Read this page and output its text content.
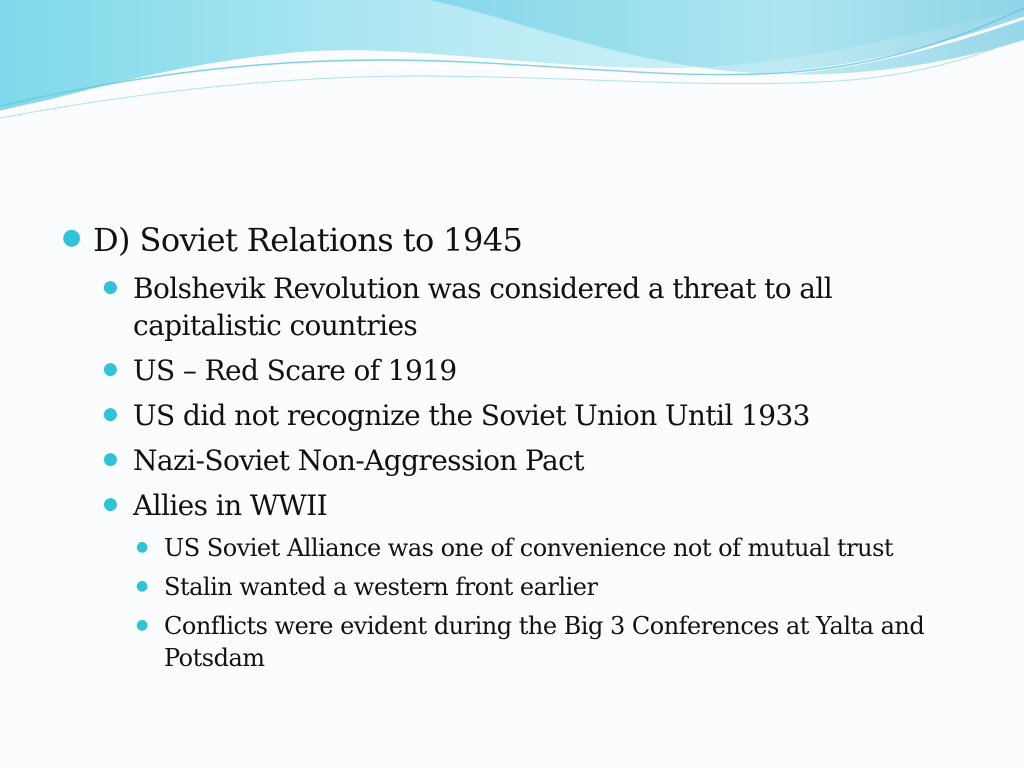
● D) Soviet Relations to 1945
● Bolshevik Revolution was considered a threat to all capitalistic countries
● US – Red Scare of 1919
● US did not recognize the Soviet Union Until 1933
● Nazi-Soviet Non-Aggression Pact
● Allies in WWII
● US Soviet Alliance was one of convenience not of mutual trust
● Stalin wanted a western front earlier
● Conflicts were evident during the Big 3 Conferences at Yalta and Potsdam
